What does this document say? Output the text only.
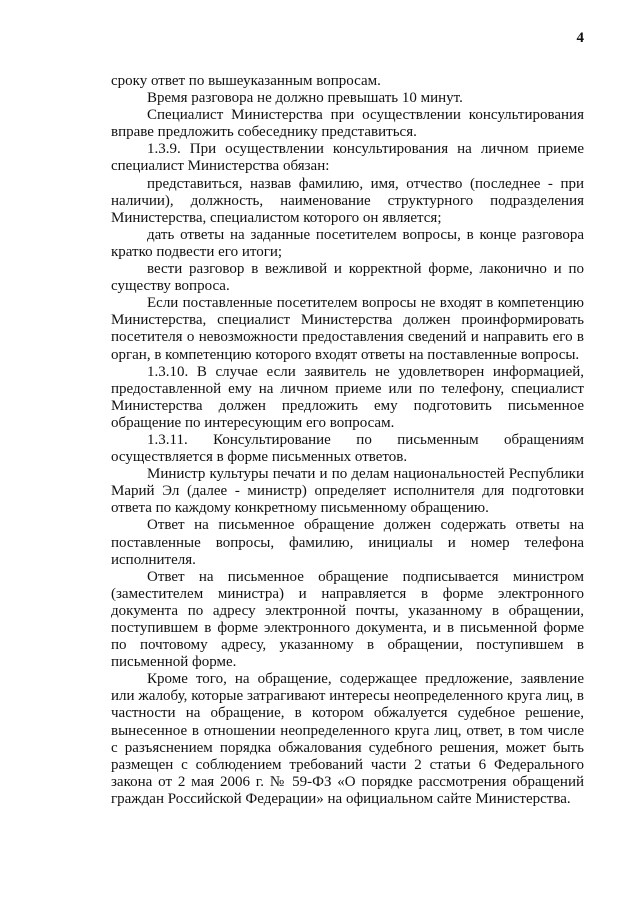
4

сроку ответ по вышеуказанным вопросам.

Время разговора не должно превышать 10 минут.

Специалист Министерства при осуществлении консультирования вправе предложить собеседнику представиться.

1.3.9. При осуществлении консультирования на личном приеме специалист Министерства обязан:

представиться, назвав фамилию, имя, отчество (последнее - при наличии), должность, наименование структурного подразделения Министерства, специалистом которого он является;

дать ответы на заданные посетителем вопросы, в конце разговора кратко подвести его итоги;

вести разговор в вежливой и корректной форме, лаконично и по существу вопроса.

Если поставленные посетителем вопросы не входят в компетенцию Министерства, специалист Министерства должен проинформировать посетителя о невозможности предоставления сведений и направить его в орган, в компетенцию которого входят ответы на поставленные вопросы.

1.3.10. В случае если заявитель не удовлетворен информацией, предоставленной ему на личном приеме или по телефону, специалист Министерства должен предложить ему подготовить письменное обращение по интересующим его вопросам.

1.3.11. Консультирование по письменным обращениям осуществляется в форме письменных ответов.

Министр культуры печати и по делам национальностей Республики Марий Эл (далее - министр) определяет исполнителя для подготовки ответа по каждому конкретному письменному обращению.

Ответ на письменное обращение должен содержать ответы на поставленные вопросы, фамилию, инициалы и номер телефона исполнителя.

Ответ на письменное обращение подписывается министром (заместителем министра) и направляется в форме электронного документа по адресу электронной почты, указанному в обращении, поступившем в форме электронного документа, и в письменной форме по почтовому адресу, указанному в обращении, поступившем в письменной форме.

Кроме того, на обращение, содержащее предложение, заявление или жалобу, которые затрагивают интересы неопределенного круга лиц, в частности на обращение, в котором обжалуется судебное решение, вынесенное в отношении неопределенного круга лиц, ответ, в том числе с разъяснением порядка обжалования судебного решения, может быть размещен с соблюдением требований части 2 статьи 6 Федерального закона от 2 мая 2006 г. № 59-ФЗ «О порядке рассмотрения обращений граждан Российской Федерации» на официальном сайте Министерства.
